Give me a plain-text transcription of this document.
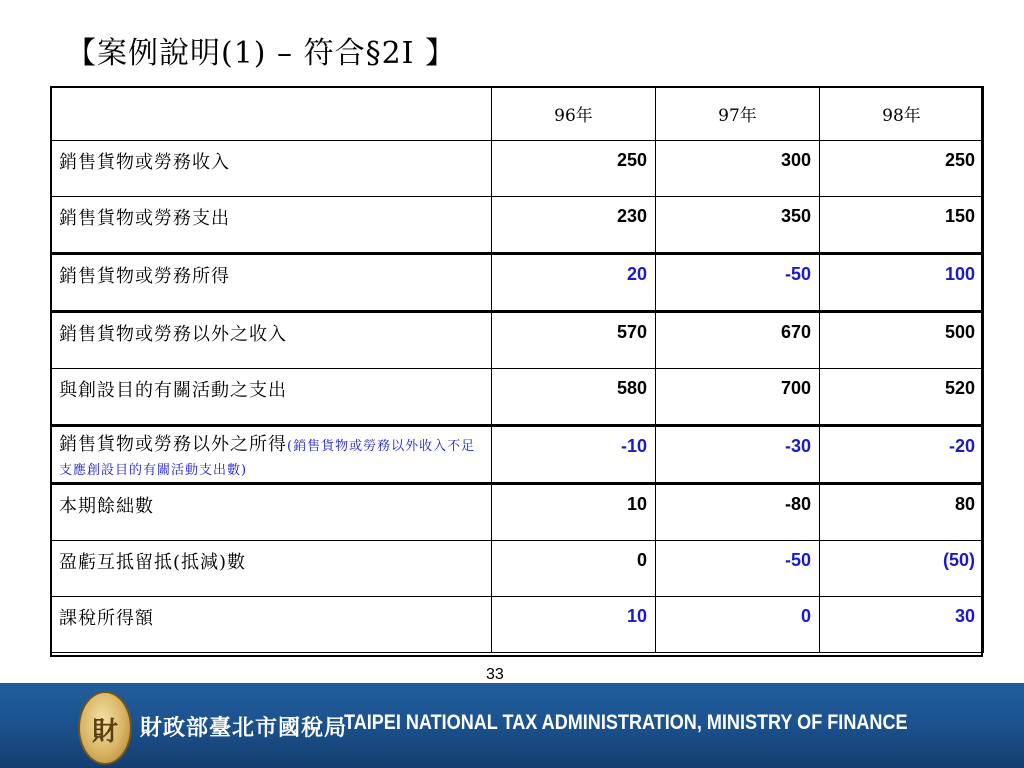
【案例說明(1) – 符合§2Ⅰ 】
	96年	97年	98年

銷售貨物或勞務收入	250	300	250

銷售貨物或勞務支出	230	350	150

銷售貨物或勞務所得	20	-50	100

銷售貨物或勞務以外之收入	570	670	500

與創設目的有關活動之支出	580	700	520

銷售貨物或勞務以外之所得(銷售貨物或勞務以外收入不足支應創設目的有關活動支出數)	-10	-30	-20

本期餘絀數	10	-80	80

盈虧互抵留抵(抵減)數	0	-50	(50)

課稅所得額	10	0	30
33
財	財政部臺北市國稅局
TAIPEI NATIONAL TAX ADMINISTRATION, MINISTRY OF FINANCE
